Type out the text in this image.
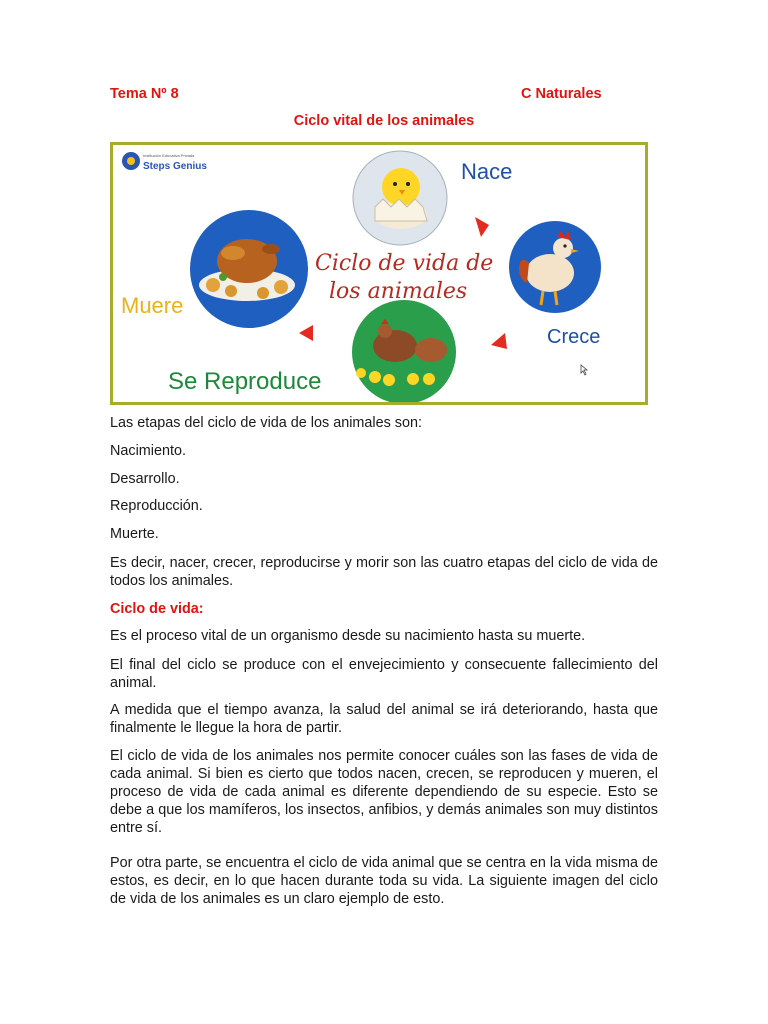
Tema Nº 8	C Naturales
Ciclo vital de los animales
Institución Educativa Privada
Steps Genius	Nace
Crece
Se Reproduce
Muere
Ciclo de vida de
los animales

Las etapas del ciclo de vida de los animales son:

Nacimiento.

Desarrollo.

Reproducción.

Muerte.

Es decir, nacer, crecer, reproducirse y morir son las cuatro etapas del ciclo de vida de todos los animales.

Ciclo de vida:

Es el proceso vital de un organismo desde su nacimiento hasta su muerte.

El final del ciclo se produce con el envejecimiento y consecuente fallecimiento del animal.

A medida que el tiempo avanza, la salud del animal se irá deteriorando, hasta que finalmente le llegue la hora de partir.

El ciclo de vida de los animales nos permite conocer cuáles son las fases de vida de cada animal. Si bien es cierto que todos nacen, crecen, se reproducen y mueren, el proceso de vida de cada animal es diferente dependiendo de su especie. Esto se debe a que los mamíferos, los insectos, anfibios, y demás animales son muy distintos entre sí.

Por otra parte, se encuentra el ciclo de vida animal que se centra en la vida misma de estos, es decir, en lo que hacen durante toda su vida. La siguiente imagen del ciclo de vida de los animales es un claro ejemplo de esto.
